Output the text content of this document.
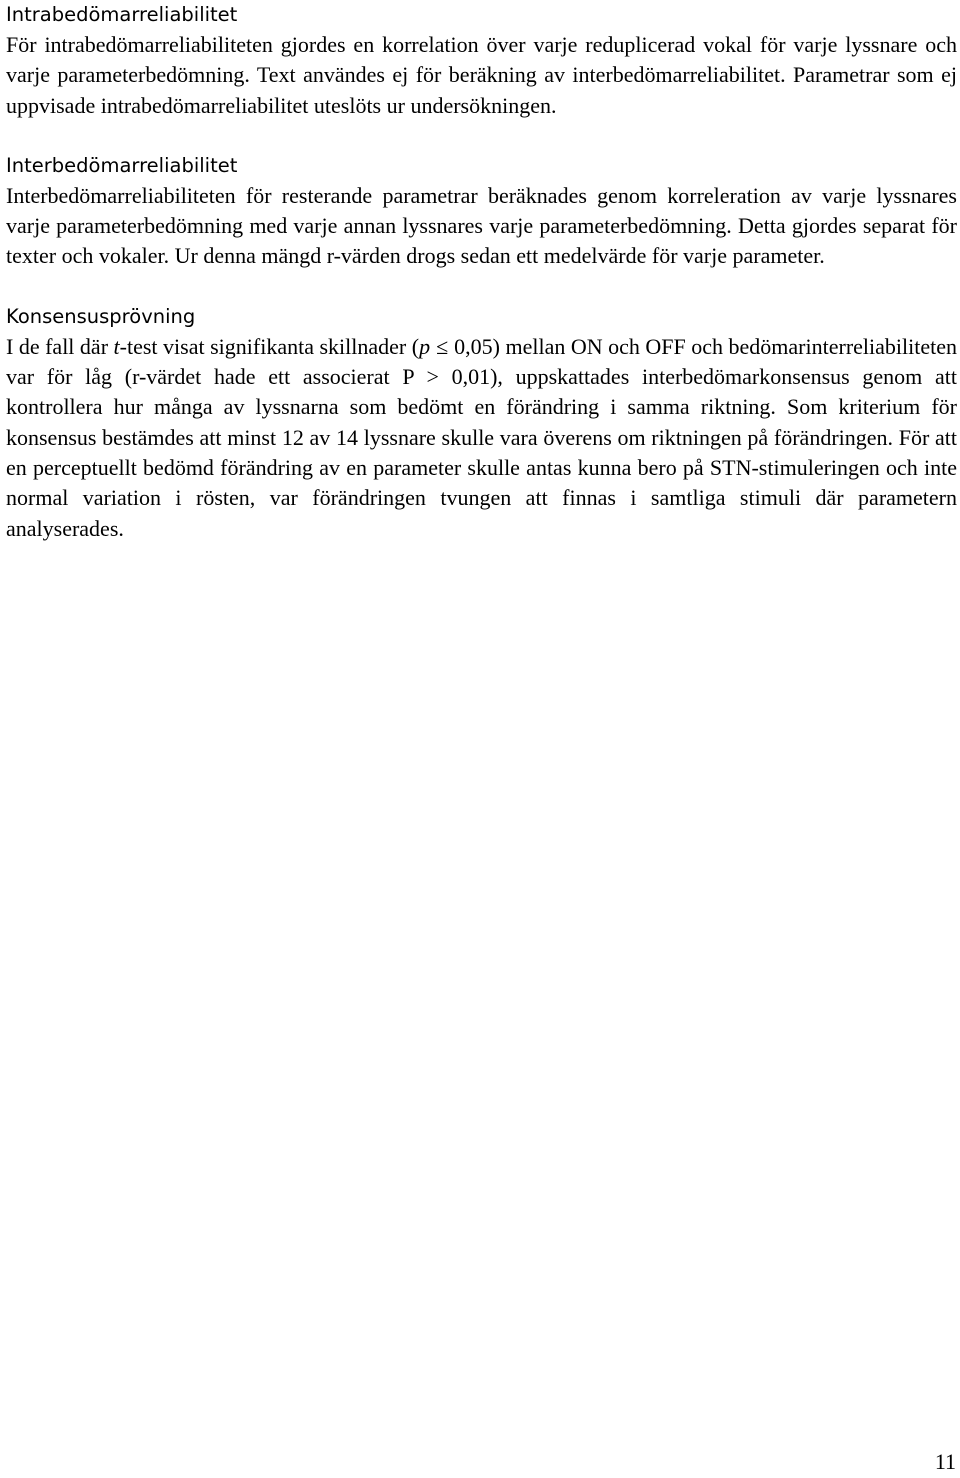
Intrabedömarreliabilitet

För intrabedömarreliabiliteten gjordes en korrelation över varje reduplicerad vokal för varje lyssnare och varje parameterbedömning. Text användes ej för beräkning av interbedömarreliabilitet. Parametrar som ej uppvisade intrabedömarreliabilitet uteslöts ur undersökningen.

Interbedömarreliabilitet

Interbedömarreliabiliteten för resterande parametrar beräknades genom korreleration av varje lyssnares varje parameterbedömning med varje annan lyssnares varje parameterbedömning. Detta gjordes separat för texter och vokaler. Ur denna mängd r-värden drogs sedan ett medelvärde för varje parameter.

Konsensusprövning

I de fall där t-test visat signifikanta skillnader (p ≤ 0,05) mellan ON och OFF och bedömarinterreliabiliteten var för låg (r-värdet hade ett associerat P > 0,01), uppskattades interbedömarkonsensus genom att kontrollera hur många av lyssnarna som bedömt en förändring i samma riktning. Som kriterium för konsensus bestämdes att minst 12 av 14 lyssnare skulle vara överens om riktningen på förändringen. För att en perceptuellt bedömd förändring av en parameter skulle antas kunna bero på STN-stimuleringen och inte normal variation i rösten, var förändringen tvungen att finnas i samtliga stimuli där parametern analyserades.

11
